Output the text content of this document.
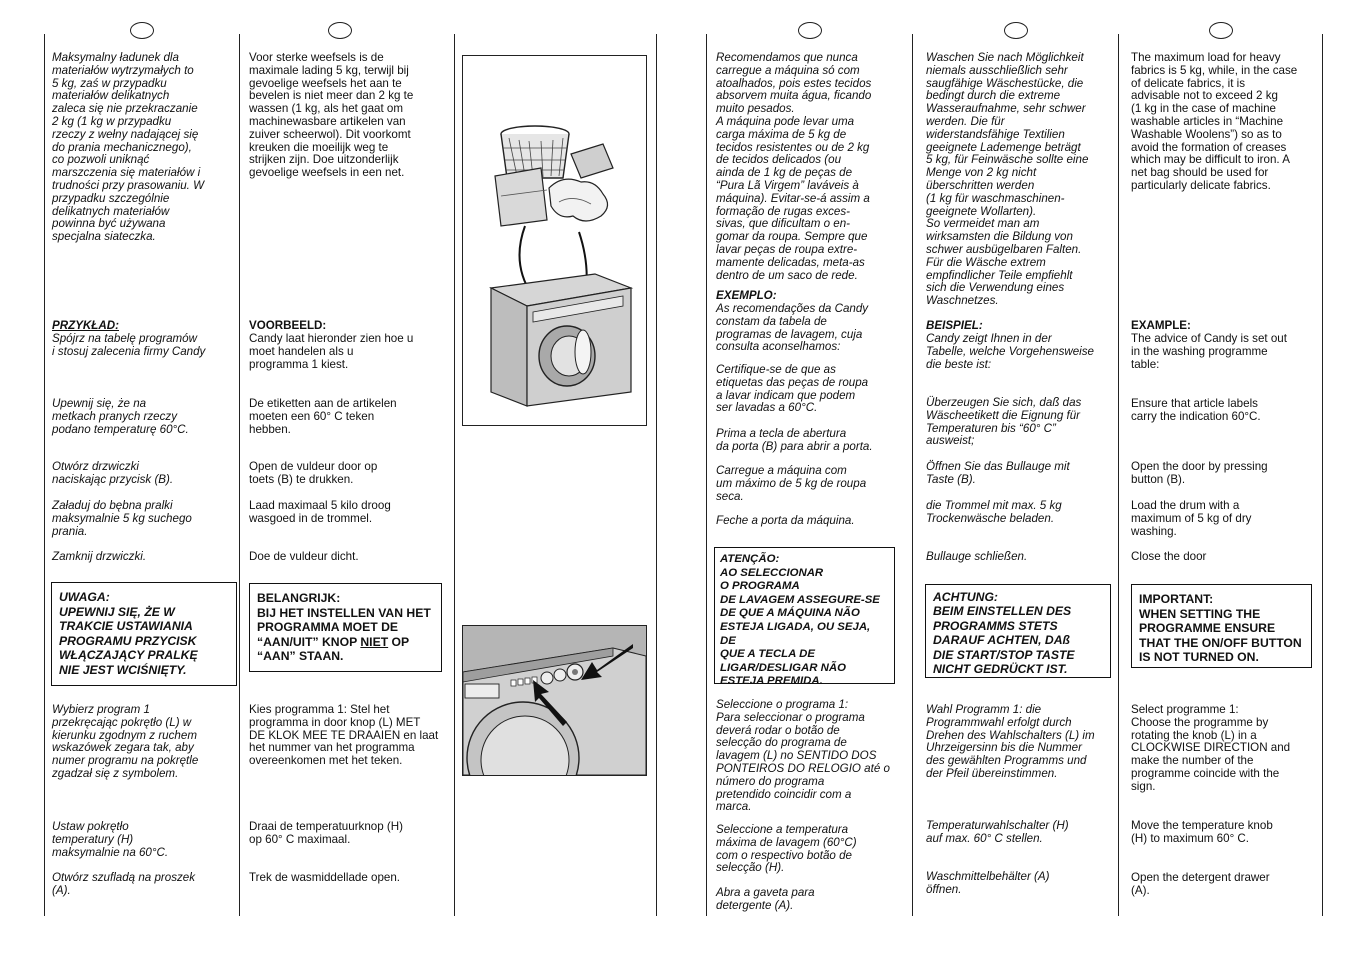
Maksymalny ładunek dla
materiałów wytrzymałych to
5 kg, zaś w przypadku
materiałów delikatnych
zaleca się nie przekraczanie
2 kg (1 kg w przypadku
rzeczy z wełny nadającej się
do prania mechanicznego),
co pozwoli uniknąć
marszczenia się materiałów i
trudności przy prasowaniu. W
przypadku szczególnie
delikatnych materiałów
powinna być używana
specjalna siateczka.

PRZYKŁAD:

Spójrz na tabelę programów
i stosuj zalecenia firmy Candy

Upewnij się, że na
metkach pranych rzeczy
podano temperaturę 60°C.

Otwórz drzwiczki
naciskając przycisk (B).

Załaduj do bębna pralki
maksymalnie 5 kg suchego
prania.

Zamknij drzwiczki.

Wybierz program 1
przekręcając pokrętło (L) w
kierunku zgodnym z ruchem
wskazówek zegara tak, aby
numer programu na pokrętle
zgadzał się z symbolem.

Ustaw pokrętło
temperatury (H)
maksymalnie na 60°C.

Otwórz szufladą na proszek
(A).

UWAGA:
UPEWNIJ SIĘ, ŻE W
TRAKCIE USTAWIANIA
PROGRAMU PRZYCISK
WŁĄCZAJĄCY PRALKĘ
NIE JEST WCIŚNIĘTY.

Voor sterke weefsels is de
maximale lading 5 kg, terwijl bij
gevoelige weefsels het aan te
bevelen is niet meer dan 2 kg te
wassen (1 kg, als het gaat om
machinewasbare artikelen van
zuiver scheerwol). Dit voorkomt
kreuken die moeilijk weg te
strijken zijn. Doe uitzonderlijk
gevoelige weefsels in een net.

VOORBEELD:

Candy laat hieronder zien hoe u
moet handelen als u
programma 1 kiest.

De etiketten aan de artikelen
moeten een 60° C teken
hebben.

Open de vuldeur door op
toets (B) te drukken.

Laad maximaal 5 kilo droog
wasgoed in de trommel.

Doe de vuldeur dicht.

Kies programma 1: Stel het
programma in door knop (L) MET
DE KLOK MEE TE DRAAIEN en laat
het nummer van het programma
overeenkomen met het teken.

Draai de temperatuurknop (H)
op 60° C maximaal.

Trek de wasmiddellade open.

BELANGRIJK:
BIJ HET INSTELLEN VAN HET
PROGRAMMA MOET DE
“AAN/UIT” KNOP NIET OP
“AAN” STAAN.

Recomendamos que nunca
carregue a máquina só com
atoalhados, pois estes tecidos
absorvem muita água, ficando
muito pesados.
A máquina pode levar uma
carga máxima de 5 kg de
tecidos resistentes ou de 2 kg
de tecidos delicados (ou
ainda de 1 kg de peças de
“Pura Lã Virgem” laváveis à
máquina). Evitar-se-á assim a
formação de rugas exces-
sivas, que dificultam o en-
gomar da roupa. Sempre que
lavar peças de roupa extre-
mamente delicadas, meta-as
dentro de um saco de rede.

EXEMPLO:

As recomendações da Candy
constam da tabela de
programas de lavagem, cuja
consulta aconselhamos:

Certifique-se de que as
etiquetas das peças de roupa
a lavar indicam que podem
ser lavadas a 60°C.

Prima a tecla de abertura
da porta (B) para abrir a porta.

Carregue a máquina com
um máximo de 5 kg de roupa
seca.

Feche a porta da máquina.

Seleccione o programa 1:
Para seleccionar o programa
deverá rodar o botão de
selecção do programa de
lavagem (L) no SENTIDO DOS
PONTEIROS DO RELOGIO até o
número do programa
pretendido coincidir com a
marca.

Seleccione a temperatura
máxima de lavagem (60°C)
com o respectivo botão de
selecção (H).

Abra a gaveta para
detergente (A).

ATENÇÃO:
AO SELECCIONAR
O PROGRAMA
DE LAVAGEM ASSEGURE-SE
DE QUE A MÁQUINA NÃO
ESTEJA LIGADA, OU SEJA, DE
QUE A TECLA DE
LIGAR/DESLIGAR NÃO
ESTEJA PREMIDA.

Waschen Sie nach Möglichkeit
niemals ausschließlich sehr
saugfähige Wäschestücke, die
bedingt durch die extreme
Wasseraufnahme, sehr schwer
werden. Die für
widerstandsfähige Textilien
geeignete Lademenge beträgt
5 kg, für Feinwäsche sollte eine
Menge von 2 kg nicht
überschritten werden
(1 kg für waschmaschinen-
geeignete Wollarten).
So vermeidet man am
wirksamsten die Bildung von
schwer ausbügelbaren Falten.
Für die Wäsche extrem
empfindlicher Teile empfiehlt
sich die Verwendung eines
Waschnetzes.

BEISPIEL:

Candy zeigt Ihnen in der
Tabelle, welche Vorgehensweise
die beste ist:

Überzeugen Sie sich, daß das
Wäscheetikett die Eignung für
Temperaturen bis “60° C”
ausweist;

Öffnen Sie das Bullauge mit
Taste (B).

die Trommel mit max. 5 kg
Trockenwäsche beladen.

Bullauge schließen.

Wahl Programm 1: die
Programmwahl erfolgt durch
Drehen des Wahlschalters (L) im
Uhrzeigersinn bis die Nummer
des gewählten Programms und
der Pfeil übereinstimmen.

Temperaturwahlschalter (H)
auf max. 60° C stellen.

Waschmittelbehälter (A)
öffnen.

ACHTUNG:
BEIM EINSTELLEN DES
PROGRAMMS STETS
DARAUF ACHTEN, DAß
DIE START/STOP TASTE
NICHT GEDRÜCKT IST.

The maximum load for heavy
fabrics is 5 kg, while, in the case
of delicate fabrics, it is
advisable not to exceed 2 kg
(1 kg in the case of machine
washable articles in “Machine
Washable Woolens”) so as to
avoid the formation of creases
which may be difficult to iron. A
net bag should be used for
particularly delicate fabrics.

EXAMPLE:

The advice of Candy is set out
in the washing programme
table:

Ensure that article labels
carry the indication 60°C.

Open the door by pressing
button (B).

Load the drum with a
maximum of 5 kg of dry
washing.

Close the door

Select programme 1:
Choose the programme by
rotating the knob (L) in a
CLOCKWISE DIRECTION and
make the number of the
programme coincide with the
sign.

Move the temperature knob
(H) to maximum 60° C.

Open the detergent drawer
(A).

IMPORTANT:
WHEN SETTING THE
PROGRAMME ENSURE
THAT THE ON/OFF BUTTON
IS NOT TURNED ON.
